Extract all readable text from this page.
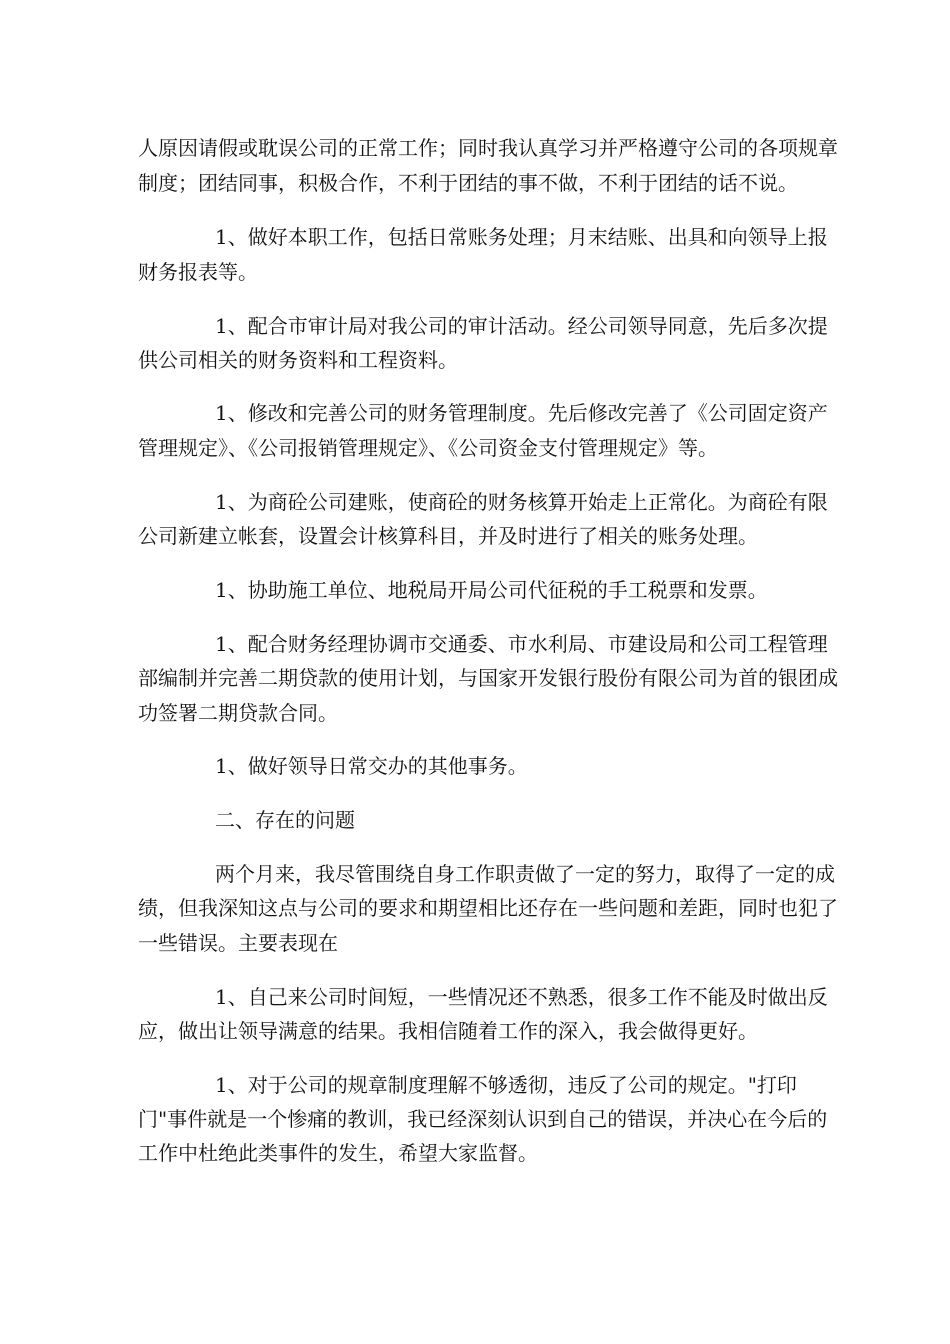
人原因请假或耽误公司的正常工作；同时我认真学习并严格遵守公司的各项规章
制度；团结同事，积极合作，不利于团结的事不做，不利于团结的话不说。
1、做好本职工作，包括日常账务处理；月末结账、出具和向领导上报
财务报表等。
1、配合市审计局对我公司的审计活动。经公司领导同意，先后多次提
供公司相关的财务资料和工程资料。
1、修改和完善公司的财务管理制度。先后修改完善了《公司固定资产
管理规定》、《公司报销管理规定》、《公司资金支付管理规定》等。
1、为商砼公司建账，使商砼的财务核算开始走上正常化。为商砼有限
公司新建立帐套，设置会计核算科目，并及时进行了相关的账务处理。
1、协助施工单位、地税局开局公司代征税的手工税票和发票。
1、配合财务经理协调市交通委、市水利局、市建设局和公司工程管理
部编制并完善二期贷款的使用计划，与国家开发银行股份有限公司为首的银团成
功签署二期贷款合同。
1、做好领导日常交办的其他事务。
二、存在的问题
两个月来，我尽管围绕自身工作职责做了一定的努力，取得了一定的成
绩，但我深知这点与公司的要求和期望相比还存在一些问题和差距，同时也犯了
一些错误。主要表现在
1、自己来公司时间短，一些情况还不熟悉，很多工作不能及时做出反
应，做出让领导满意的结果。我相信随着工作的深入，我会做得更好。
1、对于公司的规章制度理解不够透彻，违反了公司的规定。"打印
门"事件就是一个惨痛的教训，我已经深刻认识到自己的错误，并决心在今后的
工作中杜绝此类事件的发生，希望大家监督。
